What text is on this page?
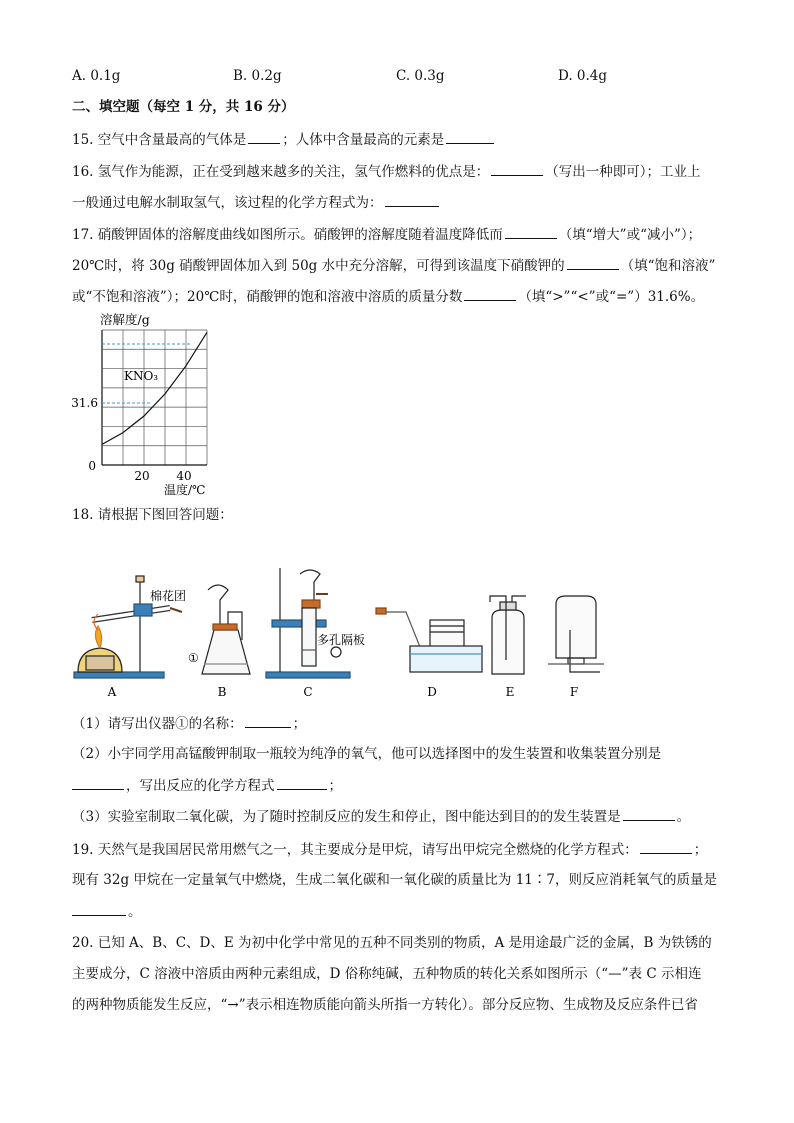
A. 0.1g	B. 0.2g	C. 0.3g	D. 0.4g
二、填空题（每空 1 分，共 16 分）
15. 空气中含量最高的气体是	；人体中含量最高的元素是
16. 氢气作为能源，正在受到越来越多的关注，氢气作燃料的优点是：	（写出一种即可）；工业上
一般通过电解水制取氢气，该过程的化学方程式为：
17. 硝酸钾固体的溶解度曲线如图所示。硝酸钾的溶解度随着温度降低而	（填“增大”或“减小”）；
20℃时，将 30g 硝酸钾固体加入到 50g 水中充分溶解，可得到该温度下硝酸钾的	（填“饱和溶液”
或“不饱和溶液”）；20℃时，硝酸钾的饱和溶液中溶质的质量分数	（填“>”“<”或“=”）31.6%。
溶解度/g
KNO₃
31.6
0
20 40
温度/℃
18. 请根据下图回答问题：
棉花团
A
①
B
多孔隔板
C	D	E	F
（1）请写出仪器①的名称：	；
（2）小宇同学用高锰酸钾制取一瓶较为纯净的氧气，他可以选择图中的发生装置和收集装置分别是
，写出反应的化学方程式	；
（3）实验室制取二氧化碳，为了随时控制反应的发生和停止，图中能达到目的的发生装置是	。
19. 天然气是我国居民常用燃气之一，其主要成分是甲烷，请写出甲烷完全燃烧的化学方程式：	；
现有 32g 甲烷在一定量氧气中燃烧，生成二氧化碳和一氧化碳的质量比为 11∶7，则反应消耗氧气的质量是
。
20. 已知 A、B、C、D、E 为初中化学中常见的五种不同类别的物质，A 是用途最广泛的金属，B 为铁锈的
主要成分，C 溶液中溶质由两种元素组成，D 俗称纯碱，五种物质的转化关系如图所示（“—”表 C 示相连
的两种物质能发生反应，“→”表示相连物质能向箭头所指一方转化）。部分反应物、生成物及反应条件已省
